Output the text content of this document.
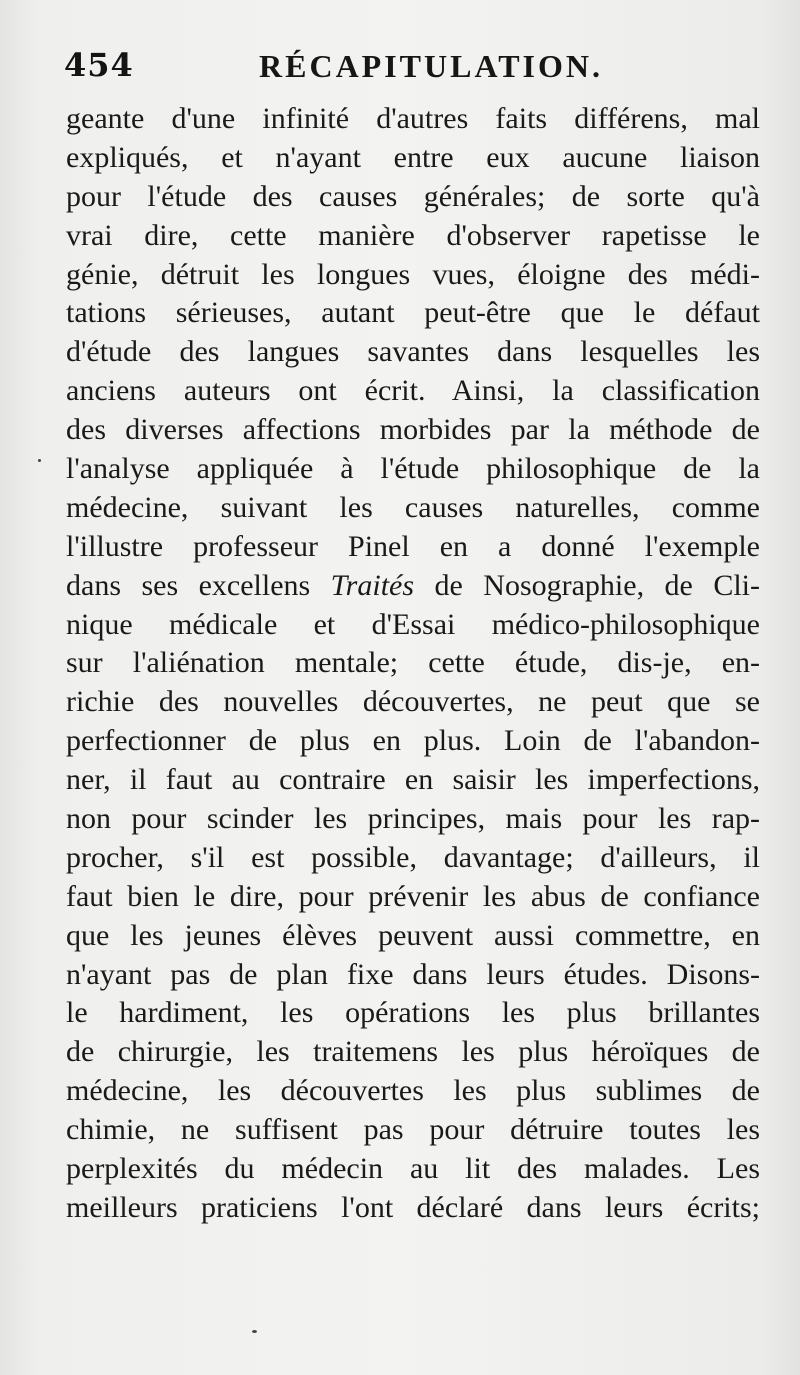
454	RÉCAPITULATION.
geante d'une infinité d'autres faits différens, mal
expliqués, et n'ayant entre eux aucune liaison
pour l'étude des causes générales; de sorte qu'à
vrai dire, cette manière d'observer rapetisse le
génie, détruit les longues vues, éloigne des médi-
tations sérieuses, autant peut-être que le défaut
d'étude des langues savantes dans lesquelles les
anciens auteurs ont écrit. Ainsi, la classification
des diverses affections morbides par la méthode de
l'analyse appliquée à l'étude philosophique de la
médecine, suivant les causes naturelles, comme
l'illustre professeur Pinel en a donné l'exemple
dans ses excellens Traités de Nosographie, de Cli-
nique médicale et d'Essai médico-philosophique
sur l'aliénation mentale; cette étude, dis-je, en-
richie des nouvelles découvertes, ne peut que se
perfectionner de plus en plus. Loin de l'abandon-
ner, il faut au contraire en saisir les imperfections,
non pour scinder les principes, mais pour les rap-
procher, s'il est possible, davantage; d'ailleurs, il
faut bien le dire, pour prévenir les abus de confiance
que les jeunes élèves peuvent aussi commettre, en
n'ayant pas de plan fixe dans leurs études. Disons-
le hardiment, les opérations les plus brillantes
de chirurgie, les traitemens les plus héroïques de
médecine, les découvertes les plus sublimes de
chimie, ne suffisent pas pour détruire toutes les
perplexités du médecin au lit des malades. Les
meilleurs praticiens l'ont déclaré dans leurs écrits;
